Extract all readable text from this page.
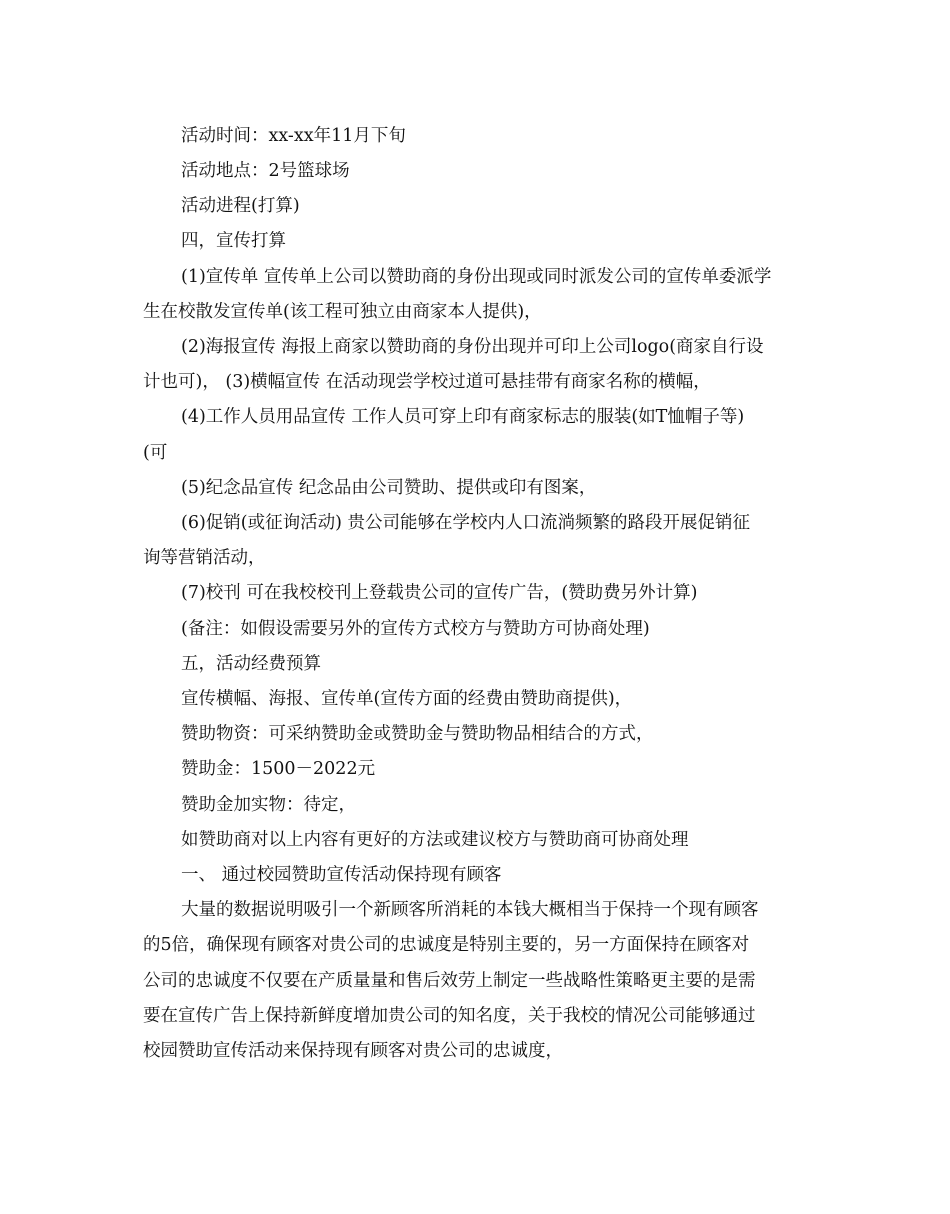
活动时间：xx-xx年11月下旬
活动地点：2号篮球场
活动进程(打算)
四，宣传打算
(1)宣传单 宣传单上公司以赞助商的身份出现或同时派发公司的宣传单委派学
生在校散发宣传单(该工程可独立由商家本人提供)，
(2)海报宣传 海报上商家以赞助商的身份出现并可印上公司logo(商家自行设
计也可)， (3)横幅宣传 在活动现尝学校过道可悬挂带有商家名称的横幅，
(4)工作人员用品宣传 工作人员可穿上印有商家标志的服装(如T恤帽子等)
(可
(5)纪念品宣传 纪念品由公司赞助、提供或印有图案，
(6)促销(或征询活动) 贵公司能够在学校内人口流淌频繁的路段开展促销征
询等营销活动，
(7)校刊 可在我校校刊上登载贵公司的宣传广告，(赞助费另外计算)
(备注：如假设需要另外的宣传方式校方与赞助方可协商处理)
五，活动经费预算
宣传横幅、海报、宣传单(宣传方面的经费由赞助商提供)，
赞助物资：可采纳赞助金或赞助金与赞助物品相结合的方式，
赞助金：1500－2022元
赞助金加实物：待定，
如赞助商对以上内容有更好的方法或建议校方与赞助商可协商处理
一、 通过校园赞助宣传活动保持现有顾客
大量的数据说明吸引一个新顾客所消耗的本钱大概相当于保持一个现有顾客
的5倍，确保现有顾客对贵公司的忠诚度是特别主要的，另一方面保持在顾客对
公司的忠诚度不仅要在产质量量和售后效劳上制定一些战略性策略更主要的是需
要在宣传广告上保持新鲜度增加贵公司的知名度，关于我校的情况公司能够通过
校园赞助宣传活动来保持现有顾客对贵公司的忠诚度，
